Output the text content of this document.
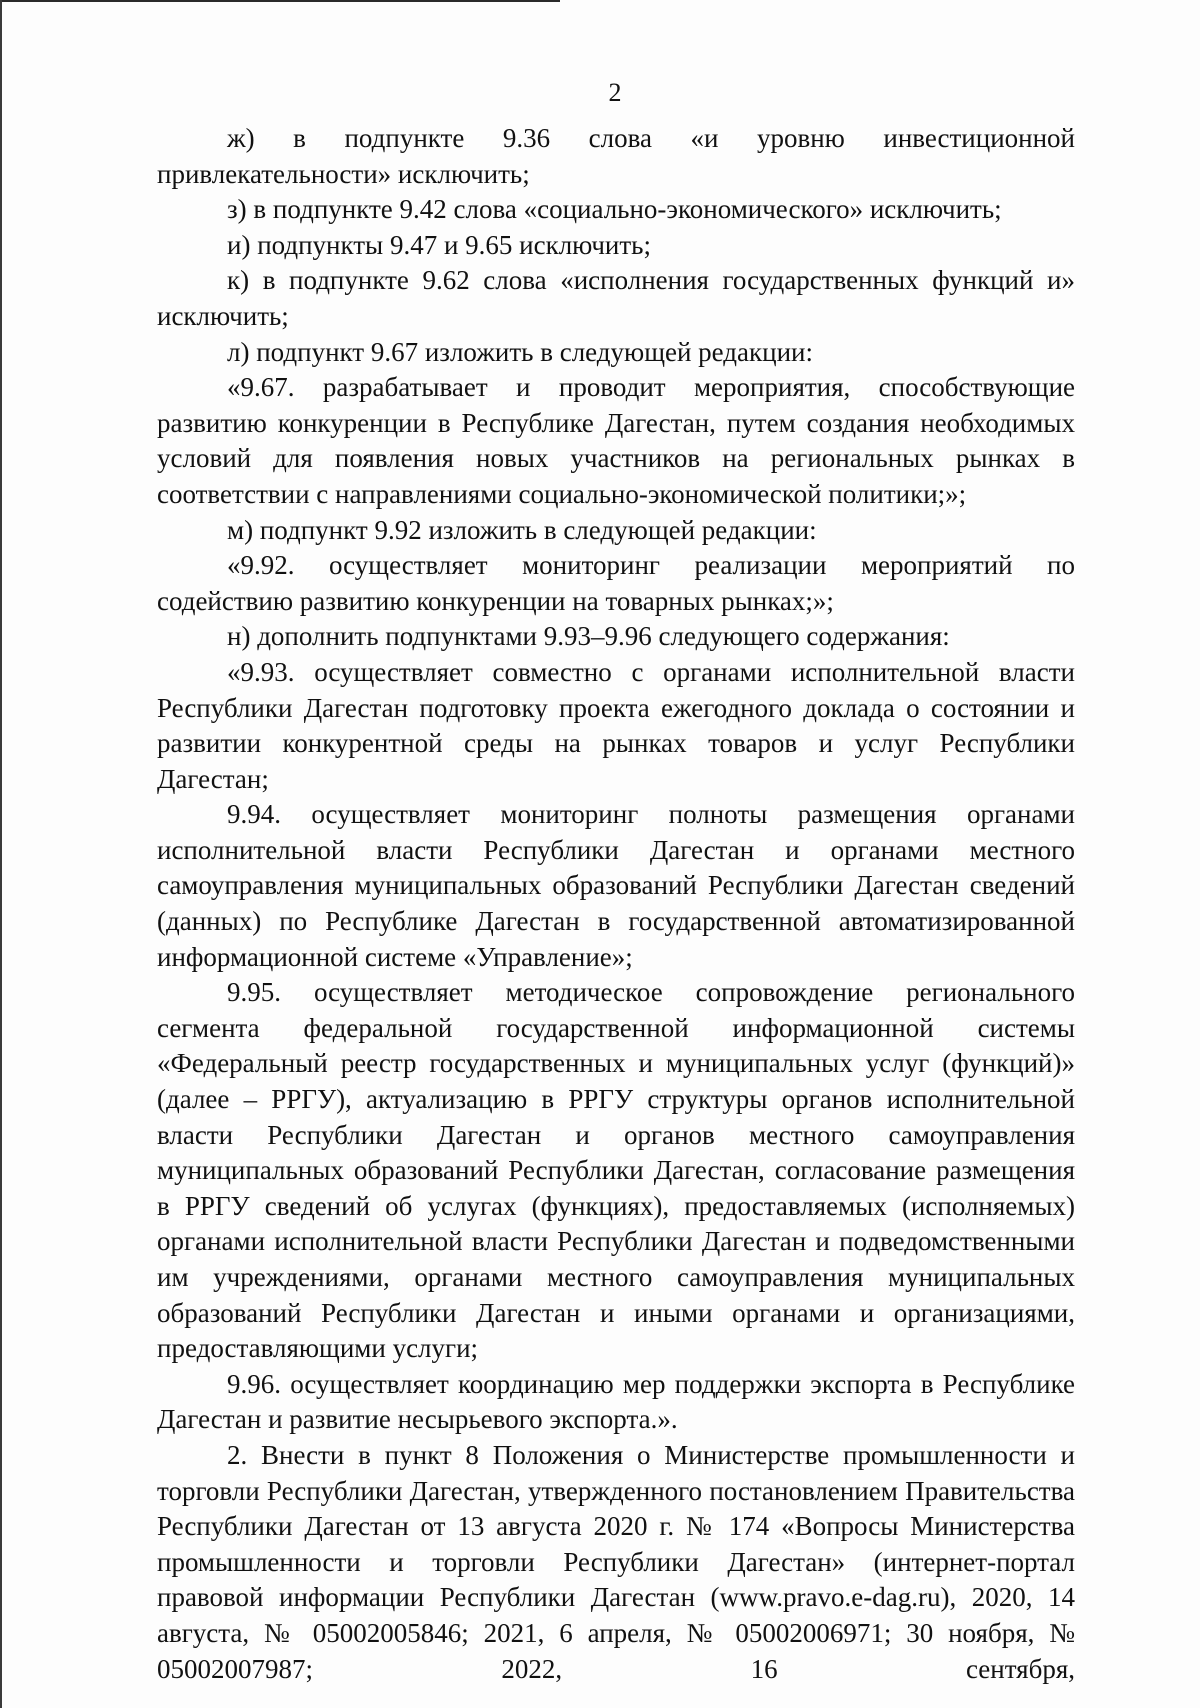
2

ж) в подпункте 9.36 слова «и уровню инвестиционной привлекательности» исключить;

з) в подпункте 9.42 слова «социально-экономического» исключить;

и) подпункты 9.47 и 9.65 исключить;

к) в подпункте 9.62 слова «исполнения государственных функций и» исключить;

л) подпункт 9.67 изложить в следующей редакции:

«9.67. разрабатывает и проводит мероприятия, способствующие развитию конкуренции в Республике Дагестан, путем создания необходимых условий для появления новых участников на региональных рынках в соответствии с направлениями социально-экономической политики;»;

м) подпункт 9.92 изложить в следующей редакции:

«9.92. осуществляет мониторинг реализации мероприятий по содействию развитию конкуренции на товарных рынках;»;

н) дополнить подпунктами 9.93–9.96 следующего содержания:

«9.93. осуществляет совместно с органами исполнительной власти Республики Дагестан подготовку проекта ежегодного доклада о состоянии и развитии конкурентной среды на рынках товаров и услуг Республики Дагестан;

9.94. осуществляет мониторинг полноты размещения органами исполнительной власти Республики Дагестан и органами местного самоуправления муниципальных образований Республики Дагестан сведений (данных) по Республике Дагестан в государственной автоматизированной информационной системе «Управление»;

9.95. осуществляет методическое сопровождение регионального сегмента федеральной государственной информационной системы «Федеральный реестр государственных и муниципальных услуг (функций)» (далее – РРГУ), актуализацию в РРГУ структуры органов исполнительной власти Республики Дагестан и органов местного самоуправления муниципальных образований Республики Дагестан, согласование размещения в РРГУ сведений об услугах (функциях), предоставляемых (исполняемых) органами исполнительной власти Республики Дагестан и подведомственными им учреждениями, органами местного самоуправления муниципальных образований Республики Дагестан и иными органами и организациями, предоставляющими услуги;

9.96. осуществляет координацию мер поддержки экспорта в Республике Дагестан и развитие несырьевого экспорта.».

2. Внести в пункт 8 Положения о Министерстве промышленности и торговли Республики Дагестан, утвержденного постановлением Правительства Республики Дагестан от 13 августа 2020 г. № 174 «Вопросы Министерства промышленности и торговли Республики Дагестан» (интернет-портал правовой информации Республики Дагестан (www.pravo.e-dag.ru), 2020, 14 августа, № 05002005846; 2021, 6 апреля, № 05002006971; 30 ноября, № 05002007987; 2022, 16 сентября,
